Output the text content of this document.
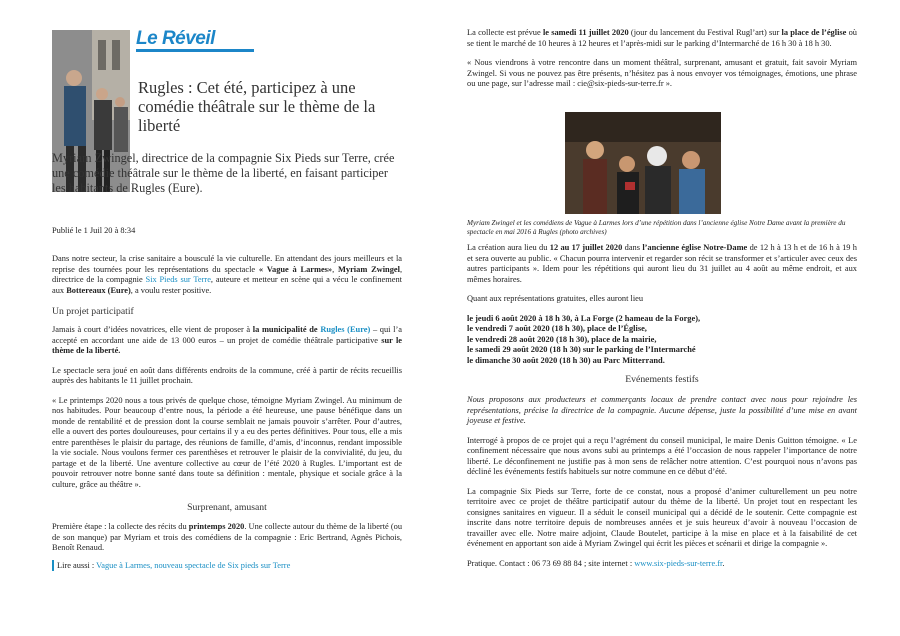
Le Réveil
Normand
Rugles : Cet été, participez à une comédie théâtrale sur le thème de la liberté
Myriam Zwingel, directrice de la compagnie Six Pieds sur Terre, crée une comédie théâtrale sur le thème de la liberté, en faisant participer les habitants de Rugles (Eure).
Publié le 1 Juil 20 à 8:34

Dans notre secteur, la crise sanitaire a bousculé la vie culturelle. En attendant des jours meilleurs et la reprise des tournées pour les représentations du spectacle « Vague à Larmes», Myriam Zwingel, directrice de la compagnie Six Pieds sur Terre, auteure et metteur en scène qui a vécu le confinement aux Bottereaux (Eure), a voulu rester positive.

Un projet participatif

Jamais à court d’idées novatrices, elle vient de proposer à la municipalité de Rugles (Eure) – qui l’a accepté en accordant une aide de 13 000 euros – un projet de comédie théâtrale participative sur le thème de la liberté.

Le spectacle sera joué en août dans différents endroits de la commune, créé à partir de récits recueillis auprès des habitants le 11 juillet prochain.

« Le printemps 2020 nous a tous privés de quelque chose, témoigne Myriam Zwingel. Au minimum de nos habitudes. Pour beaucoup d’entre nous, la période a été heureuse, une pause bénéfique dans un monde de rentabilité et de pression dont la course semblait ne jamais pouvoir s’arrêter. Pour d’autres, elle a ouvert des portes douloureuses, pour certains il y a eu des pertes définitives. Pour tous, elle a mis entre parenthèses le plaisir du partage, des réunions de famille, d’amis, d’inconnus, rendant impossible la vie sociale. Nous voulons fermer ces parenthèses et retrouver le plaisir de la convivialité, du jeu, du partage et de la liberté. Une aventure collective au cœur de l’été 2020 à Rugles. L’important est de pouvoir retrouver notre bonne santé dans toute sa définition : mentale, physique et sociale grâce à la culture, grâce au théâtre ».

Surprenant, amusant

Première étape : la collecte des récits du printemps 2020. Une collecte autour du thème de la liberté (ou de son manque) par Myriam et trois des comédiens de la compagnie : Eric Bertrand, Agnès Pichois, Benoît Renaud.

Lire aussi : Vague à Larmes, nouveau spectacle de Six pieds sur Terre

La collecte est prévue le samedi 11 juillet 2020 (jour du lancement du Festival Rugl’art) sur la place de l’église où se tient le marché de 10 heures à 12 heures et l’après-midi sur le parking d’Intermarché de 16 h 30 à 18 h 30.

« Nous viendrons à votre rencontre dans un moment théâtral, surprenant, amusant et gratuit, fait savoir Myriam Zwingel. Si vous ne pouvez pas être présents, n’hésitez pas à nous envoyer vos témoignages, émotions, une phrase ou une page, sur l’adresse mail : cie@six-pieds-sur-terre.fr ».

Myriam Zwingel et les comédiens de Vague à Larmes lors d’une répétition dans l’ancienne église Notre Dame avant la première du spectacle en mai 2016 à Rugles (photo archives)

La création aura lieu du 12 au 17 juillet 2020 dans l’ancienne église Notre-Dame de 12 h à 13 h et de 16 h à 19 h et sera ouverte au public. « Chacun pourra intervenir et regarder son récit se transformer et s’articuler avec ceux des autres participants ». Idem pour les répétitions qui auront lieu du 31 juillet au 4 août au même endroit, et aux mêmes horaires.

Quant aux représentations gratuites, elles auront lieu

le jeudi 6 août 2020 à 18 h 30, à La Forge (2 hameau de la Forge),

le vendredi 7 août 2020 (18 h 30), place de l’Église,

le vendredi 28 août 2020 (18 h 30), place de la mairie,

le samedi 29 août 2020 (18 h 30) sur le parking de l’Intermarché

le dimanche 30 août 2020 (18 h 30) au Parc Mitterrand.

Evénements festifs

Nous proposons aux producteurs et commerçants locaux de prendre contact avec nous pour rejoindre les représentations, précise la directrice de la compagnie. Aucune dépense, juste la possibilité d’une mise en avant joyeuse et festive.

Interrogé à propos de ce projet qui a reçu l’agrément du conseil municipal, le maire Denis Guitton témoigne. « Le confinement nécessaire que nous avons subi au printemps a été l’occasion de nous rappeler l’importance de notre liberté. Le déconfinement ne justifie pas à mon sens de relâcher notre attention. C’est pourquoi nous n’avons pas décliné les événements festifs habituels sur notre commune en ce début d’été.

La compagnie Six Pieds sur Terre, forte de ce constat, nous a proposé d’animer culturellement un peu notre territoire avec ce projet de théâtre participatif autour du thème de la liberté. Un projet tout en respectant les consignes sanitaires en vigueur. Il a séduit le conseil municipal qui a décidé de le soutenir. Cette compagnie est inscrite dans notre territoire depuis de nombreuses années et je suis heureux d’avoir à nouveau l’occasion de travailler avec elle. Notre maire adjoint, Claude Boutelet, participe à la mise en place et à la faisabilité de cet événement en apportant son aide à Myriam Zwingel qui écrit les pièces et scénarii et dirige la compagnie ».

Pratique. Contact : 06 73 69 88 84 ; site internet : www.six-pieds-sur-terre.fr.
